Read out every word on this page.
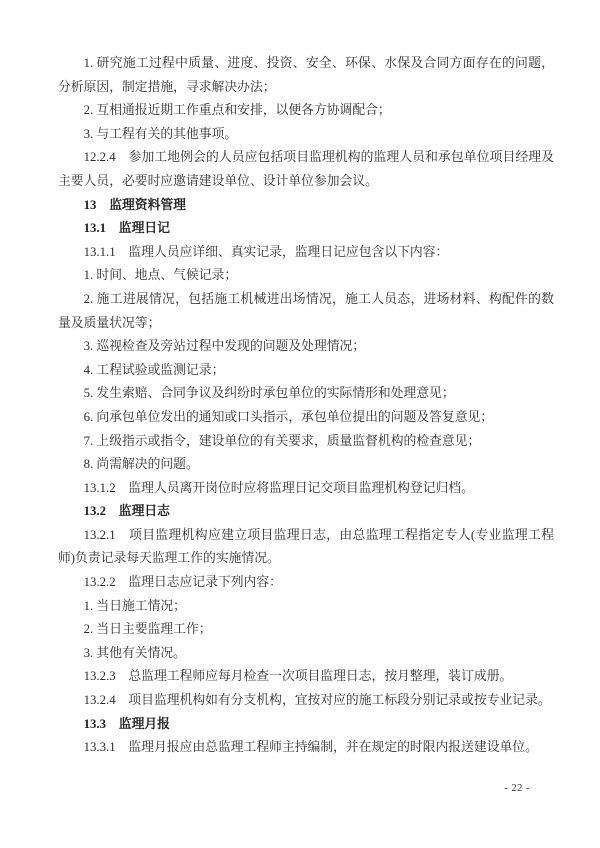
1. 研究施工过程中质量、进度、投资、安全、环保、水保及合同方面存在的问题，分析原因，制定措施，寻求解决办法；

2. 互相通报近期工作重点和安排，以便各方协调配合；

3. 与工程有关的其他事项。

12.2.4　参加工地例会的人员应包括项目监理机构的监理人员和承包单位项目经理及主要人员，必要时应邀请建设单位、设计单位参加会议。

13　监理资料管理

13.1　监理日记

13.1.1　监理人员应详细、真实记录，监理日记应包含以下内容：

1. 时间、地点、气候记录；

2. 施工进展情况，包括施工机械进出场情况，施工人员态，进场材料、构配件的数量及质量状况等；

3. 巡视检查及旁站过程中发现的问题及处理情况；

4. 工程试验或监测记录；

5. 发生索赔、合同争议及纠纷时承包单位的实际情形和处理意见；

6. 向承包单位发出的通知或口头指示，承包单位提出的问题及答复意见；

7. 上级指示或指令，建设单位的有关要求，质量监督机构的检查意见；

8. 尚需解决的问题。

13.1.2　监理人员离开岗位时应将监理日记交项目监理机构登记归档。

13.2　监理日志

13.2.1　项目监理机构应建立项目监理日志，由总监理工程指定专人(专业监理工程师)负责记录每天监理工作的实施情况。

13.2.2　监理日志应记录下列内容：

1. 当日施工情况；

2. 当日主要监理工作；

3. 其他有关情况。

13.2.3　总监理工程师应每月检查一次项目监理日志，按月整理，装订成册。

13.2.4　项目监理机构如有分支机构，宜按对应的施工标段分别记录或按专业记录。

13.3　监理月报

13.3.1　监理月报应由总监理工程师主持编制，并在规定的时限内报送建设单位。

- 22 -
